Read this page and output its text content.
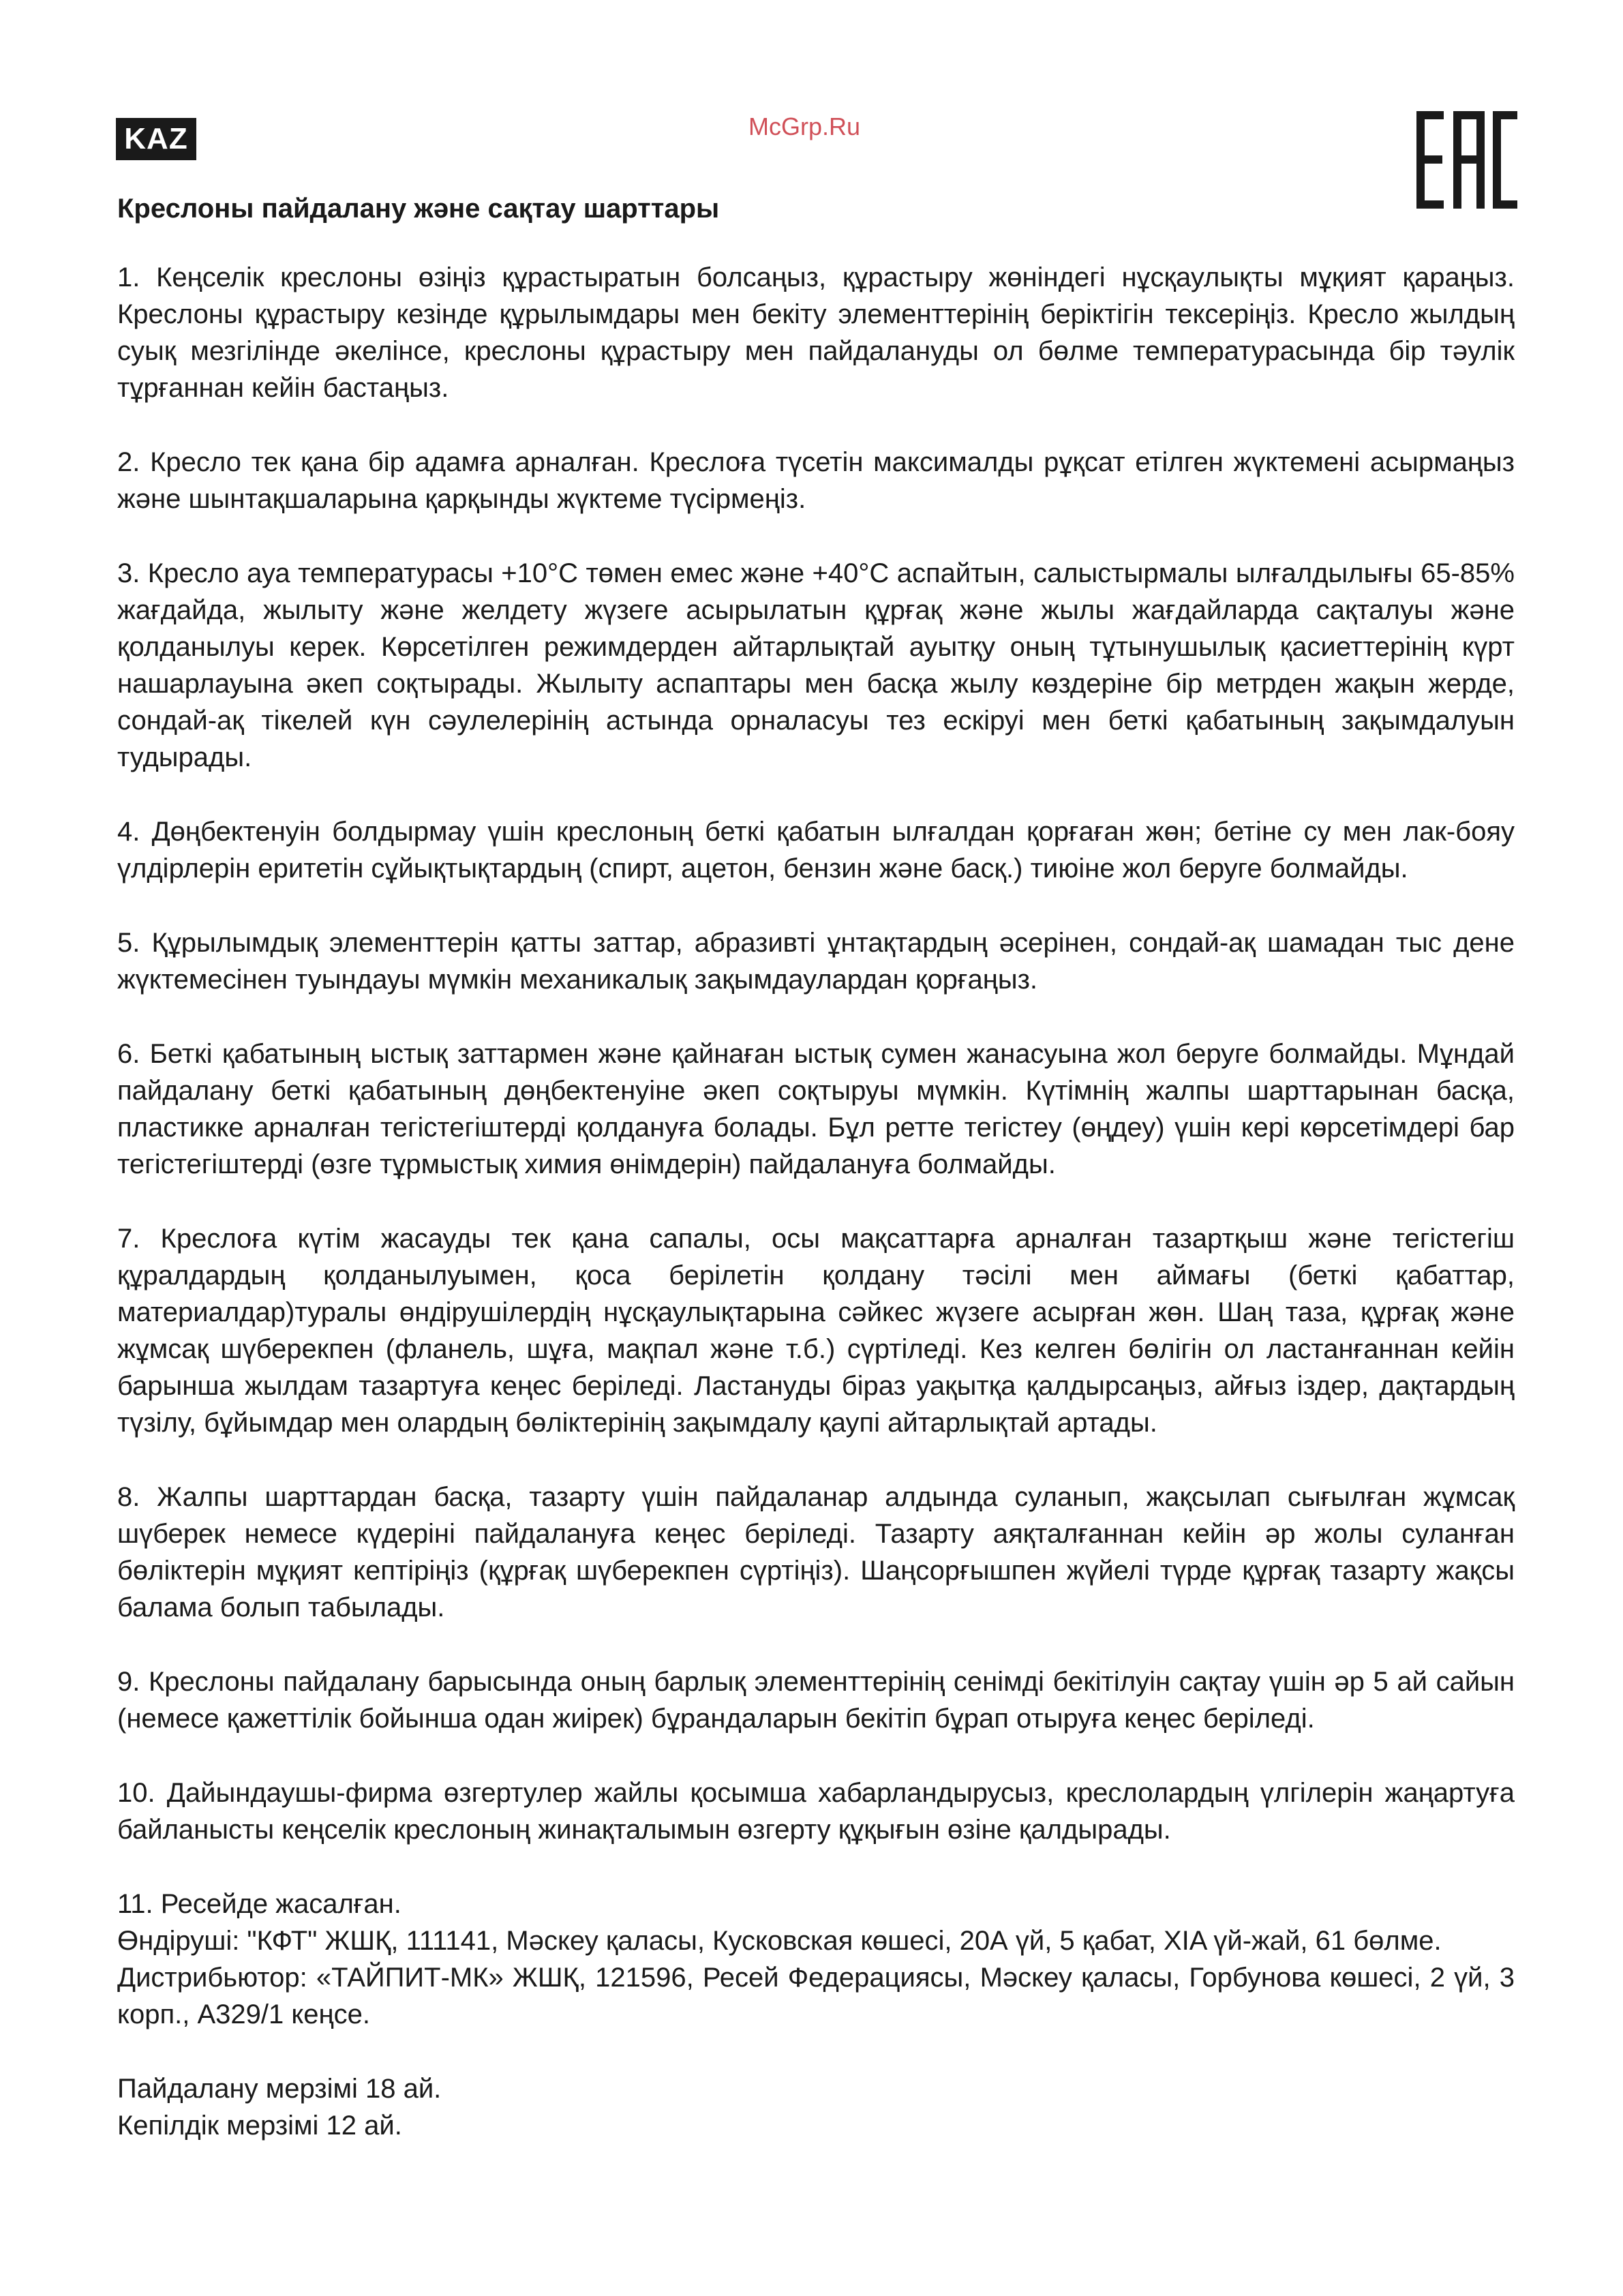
KAZ	McGrp.Ru
Креслоны пайдалану және сақтау шарттары

1. Кеңселік креслоны өзіңіз құрастыратын болсаңыз, құрастыру жөніндегі нұсқаулықты мұқият қараңыз. Креслоны құрастыру кезінде құрылымдары мен бекіту элементтерінің беріктігін тексеріңіз. Кресло жылдың суық мезгілінде әкелінсе, креслоны құрастыру мен пайдалануды ол бөлме температурасында бір тәулік тұрғаннан кейін бастаңыз.

2. Кресло тек қана бір адамға арналған. Креслоға түсетін максималды рұқсат етілген жүктемені асырмаңыз және шынтақшаларына қарқынды жүктеме түсірмеңіз.

3. Кресло ауа температурасы +10°С төмен емес және +40°С аспайтын, салыстырмалы ылғалдылығы 65-85% жағдайда, жылыту және желдету жүзеге асырылатын құрғақ және жылы жағдайларда сақталуы және қолданылуы керек. Көрсетілген режимдерден айтарлықтай ауытқу оның тұтынушылық қасиеттерінің күрт нашарлауына әкеп соқтырады. Жылыту аспаптары мен басқа жылу көздеріне бір метрден жақын жерде, сондай-ақ тікелей күн сәулелерінің астында орналасуы тез ескіруі мен беткі қабатының зақымдалуын тудырады.

4. Дөңбектенуін болдырмау үшін креслоның беткі қабатын ылғалдан қорғаған жөн; бетіне су мен лак-бояу үлдірлерін еритетін сұйықтықтардың (спирт, ацетон, бензин және басқ.) тиюіне жол беруге болмайды.

5. Құрылымдық элементтерін қатты заттар, абразивті ұнтақтардың әсерінен, сондай-ақ шамадан тыс дене жүктемесінен туындауы мүмкін механикалық зақымдаулардан қорғаңыз.

6. Беткі қабатының ыстық заттармен және қайнаған ыстық сумен жанасуына жол беруге болмайды. Мұндай пайдалану беткі қабатының дөңбектенуіне әкеп соқтыруы мүмкін. Күтімнің жалпы шарттарынан басқа, пластикке арналған тегістегіштерді қолдануға болады. Бұл ретте тегістеу (өңдеу) үшін кері көрсетімдері бар тегістегіштерді (өзге тұрмыстық химия өнімдерін) пайдалануға болмайды.

7. Креслоға күтім жасауды тек қана сапалы, осы мақсаттарға арналған тазартқыш және тегістегіш құралдардың қолданылуымен, қоса берілетін қолдану тәсілі мен аймағы (беткі қабаттар, материалдар)туралы өндірушілердің нұсқаулықтарына сәйкес жүзеге асырған жөн. Шаң таза, құрғақ және жұмсақ шүберекпен (фланель, шұға, мақпал және т.б.) сүртіледі. Кез келген бөлігін ол ластанғаннан кейін барынша жылдам тазартуға кеңес беріледі. Ластануды біраз уақытқа қалдырсаңыз, айғыз іздер, дақтардың түзілу, бұйымдар мен олардың бөліктерінің зақымдалу қаупі айтарлықтай артады.

8. Жалпы шарттардан басқа, тазарту үшін пайдаланар алдында суланып, жақсылап сығылған жұмсақ шүберек немесе күдеріні пайдалануға кеңес беріледі. Тазарту аяқталғаннан кейін әр жолы суланған бөліктерін мұқият кептіріңіз (құрғақ шүберекпен сүртіңіз). Шаңсорғышпен жүйелі түрде құрғақ тазарту жақсы балама болып табылады.

9. Креслоны пайдалану барысында оның барлық элементтерінің сенімді бекітілуін сақтау үшін әр 5 ай сайын (немесе қажеттілік бойынша одан жиірек) бұрандаларын бекітіп бұрап отыруға кеңес беріледі.

10. Дайындаушы-фирма өзгертулер жайлы қосымша хабарландырусыз, креслолардың үлгілерін жаңартуға байланысты кеңселік креслоның жинақталымын өзгерту құқығын өзіне қалдырады.

11. Ресейде жасалған.
Өндіруші: "КФТ" ЖШҚ, 111141, Мәскеу қаласы, Кусковская көшесі, 20А үй, 5 қабат, XIA үй-жай, 61 бөлме.
Дистрибьютор: «ТАЙПИТ-МК» ЖШҚ, 121596, Ресей Федерациясы, Мәскеу қаласы, Горбунова көшесі, 2 үй, 3 корп., А329/1 кеңсе.
Пайдалану мерзімі 18 ай.
Кепілдік мерзімі 12 ай.
